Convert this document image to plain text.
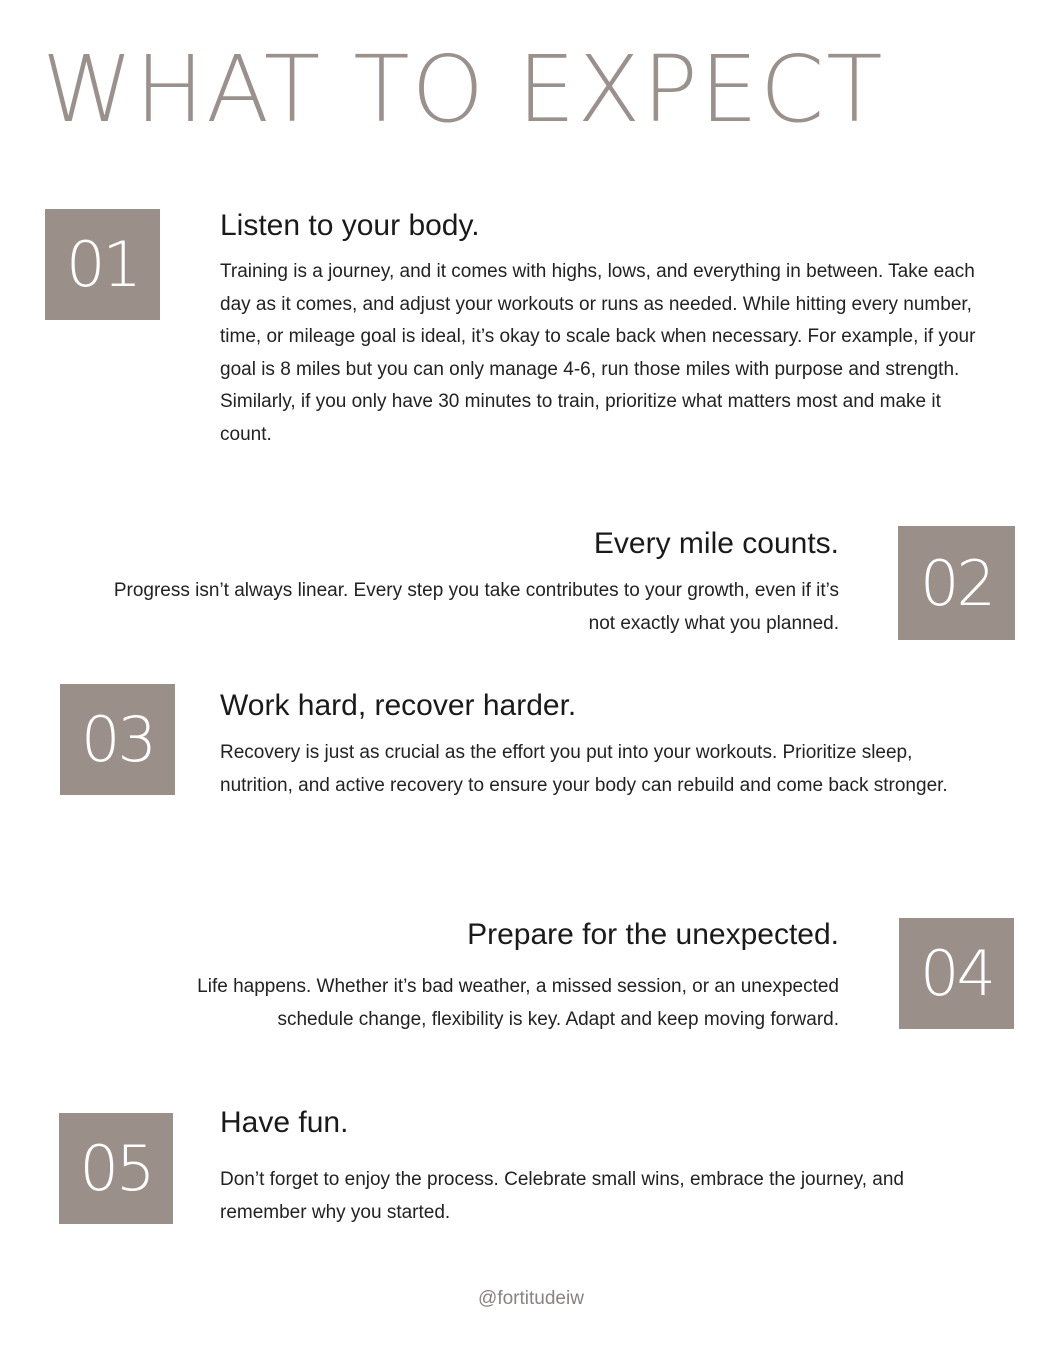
WHAT TO EXPECT
01
Listen to your body.

Training is a journey, and it comes with highs, lows, and everything in between. Take each day as it comes, and adjust your workouts or runs as needed. While hitting every number, time, or mileage goal is ideal, it’s okay to scale back when necessary. For example, if your goal is 8 miles but you can only manage 4-6, run those miles with purpose and strength. Similarly, if you only have 30 minutes to train, prioritize what matters most and make it count.

Every mile counts.

Progress isn’t always linear. Every step you take contributes to your growth, even if it’s not exactly what you planned.

02
03	Work hard, recover harder.

Recovery is just as crucial as the effort you put into your workouts. Prioritize sleep, nutrition, and active recovery to ensure your body can rebuild and come back stronger.

Prepare for the unexpected.

Life happens. Whether it’s bad weather, a missed session, or an unexpected schedule change, flexibility is key. Adapt and keep moving forward.

04
05
Have fun.

Don’t forget to enjoy the process. Celebrate small wins, embrace the journey, and remember why you started.

@fortitudeiw
